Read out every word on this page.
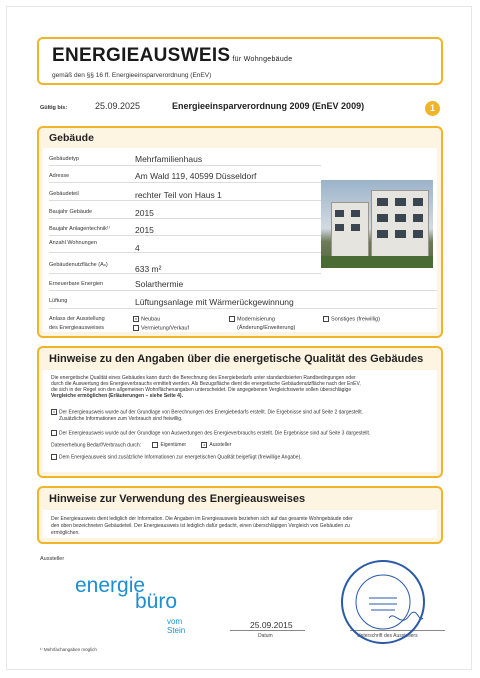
ENERGIEAUSWEIS für Wohngebäude
gemäß den §§ 16 ff. Energieeinsparverordnung (EnEV)
Gültig bis:	25.09.2025	Energieeinsparverordnung 2009 (EnEV 2009)	1
Gebäude
Gebäudetyp	Mehrfamilienhaus
Adresse	Am Wald 119, 40599 Düsseldorf
Gebäudeteil	rechter Teil von Haus 1
Baujahr Gebäude	2015
Baujahr Anlagentechnik¹⁾	2015
Anzahl Wohnungen	4
Gebäudenutzfläche (Aₙ)	633 m²
Erneuerbare Energien	Solarthermie
Lüftung	Lüftungsanlage mit Wärmerückgewinnung
Anlass der Ausstellung
des Energieausweises
x Neubau
Vermietung/Verkauf
Modernisierung
(Änderung/Erweiterung)
Sonstiges (freiwillig)
Hinweise zu den Angaben über die energetische Qualität des Gebäudes
Die energetische Qualität eines Gebäudes kann durch die Berechnung des Energiebedarfs unter standardisierten Randbedingungen oder
durch die Auswertung des Energieverbrauchs ermittelt werden. Als Bezugsfläche dient die energetische Gebäudenutzfläche nach der EnEV,
die sich in der Regel von den allgemeinen Wohnflächenangaben unterscheidet. Die angegebenen Vergleichswerte sollen überschlägige
Vergleiche ermöglichen (Erläuterungen – siehe Seite 4).
x Der Energieausweis wurde auf der Grundlage von Berechnungen des Energiebedarfs erstellt. Die Ergebnisse sind auf Seite 2 dargestellt.
Zusätzliche Informationen zum Verbrauch sind freiwillig.
Der Energieausweis wurde auf der Grundlage von Auswertungen des Energieverbrauchs erstellt. Die Ergebnisse sind auf Seite 3 dargestellt.
Datenerhebung Bedarf/Verbrauch durch:	Eigentümer	x Aussteller
Dem Energieausweis sind zusätzliche Informationen zur energetischen Qualität beigefügt (freiwillige Angabe).
Hinweise zur Verwendung des Energieausweises
Der Energieausweis dient lediglich der Information. Die Angaben im Energieausweis beziehen sich auf das gesamte Wohngebäude oder
den oben bezeichneten Gebäudeteil. Der Energieausweis ist lediglich dafür gedacht, einen überschlägigen Vergleich von Gebäuden zu
ermöglichen.
Aussteller
energie
büro
vom Stein
25.09.2015
Datum	Unterschrift des Ausstellers
¹⁾ Mehrfachangaben möglich
